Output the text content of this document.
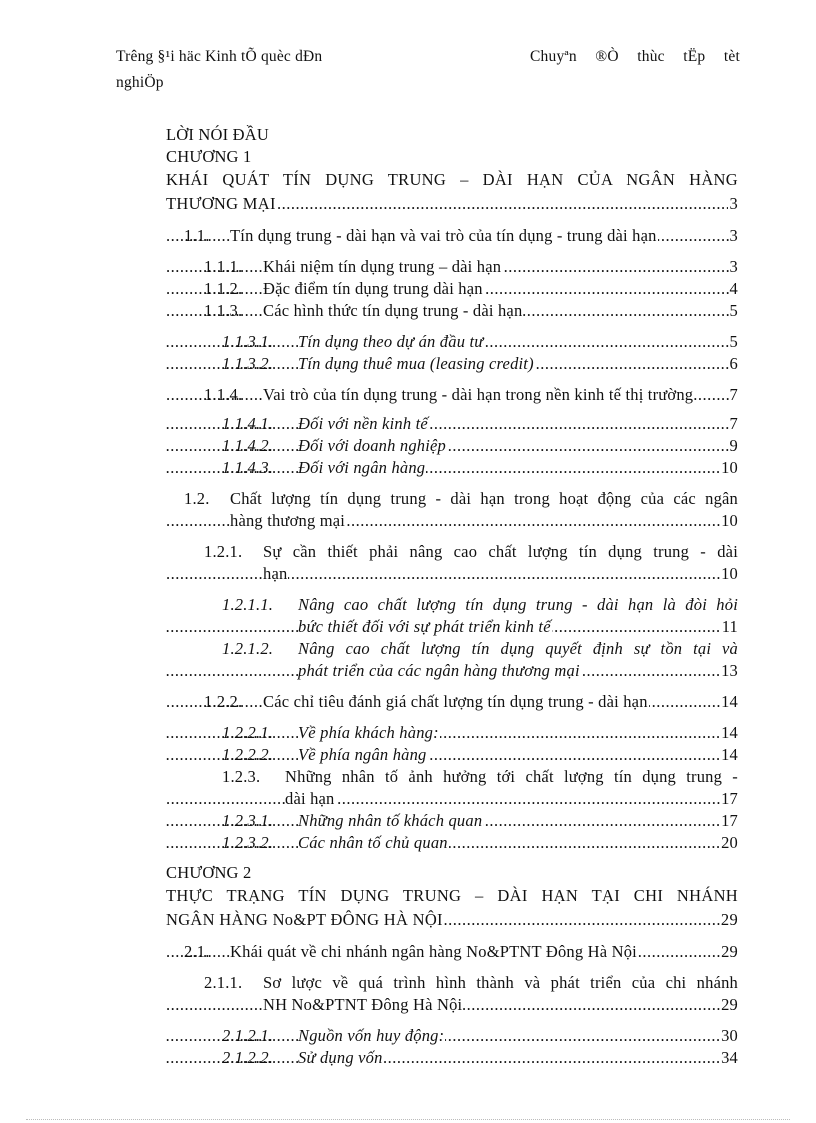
Trêng §¹i häc Kinh tÕ quèc dÐn nghiÖp
Chuyªn ®Ò thùc tËp tèt
LỜI NÓI ĐẦU
CHƯƠNG 1
KHÁI QUÁT TÍN DỤNG TRUNG – DÀI HẠN CỦA NGÂN HÀNG
THƯƠNG MẠI	3
.....
1.1. Tín dụng trung - dài hạn và vai trò của tín dụng - trung dài hạn	3
.....
1.1.1. Khái niệm tín dụng trung – dài hạn	3
.....
1.1.2. Đặc điểm tín dụng trung dài hạn	4
.....
1.1.3. Các hình thức tín dụng trung - dài hạn	5
.....
1.1.3.1. Tín dụng theo dự án đầu tư	5
.....
1.1.3.2. Tín dụng thuê mua (leasing credit)	6
.....
1.1.4. Vai trò của tín dụng trung - dài hạn trong nền kinh tế thị trường 7
.....
1.1.4.1. Đối với nền kinh tế	7
.....
1.1.4.2. Đối với doanh nghiệp	9
.....
1.1.4.3. Đối với ngân hàng	10
.....
1.2. Chất lượng tín dụng trung - dài hạn trong hoạt động của các ngân
hàng thương mại	10
.....
1.2.1. Sự cần thiết phải nâng cao chất lượng tín dụng trung - dài
hạn	10
.....
1.2.1.1. Nâng cao chất lượng tín dụng trung - dài hạn là đòi hỏi
bức thiết đối với sự phát triển kinh tế	11
.....
1.2.1.2. Nâng cao chất lượng tín dụng quyết định sự tồn tại và
phát triển của các ngân hàng thương mại	13
.....
1.2.2. Các chỉ tiêu đánh giá chất lượng tín dụng trung - dài hạn	14
.....
1.2.2.1. Về phía khách hàng:	14
.....
1.2.2.2. Về phía ngân hàng	14
.....
1.2.3. Những nhân tố ảnh hưởng tới chất lượng tín dụng trung -
dài hạn	17
.....
1.2.3.1. Những nhân tố khách quan	17
.....
1.2.3.2. Các nhân tố chủ quan	20
.....
CHƯƠNG 2
THỰC TRẠNG TÍN DỤNG TRUNG – DÀI HẠN TẠI CHI NHÁNH
NGÂN HÀNG No&PT ĐÔNG HÀ NỘI	29
.....
2.1. Khái quát về chi nhánh ngân hàng No&PTNT Đông Hà Nội	29
.....
2.1.1. Sơ lược về quá trình hình thành và phát triển của chi nhánh
NH No&PTNT Đông Hà Nội	29
.....
2.1.2.1. Nguồn vốn huy động:	30
.....
2.1.2.2. Sử dụng vốn	34
.....
